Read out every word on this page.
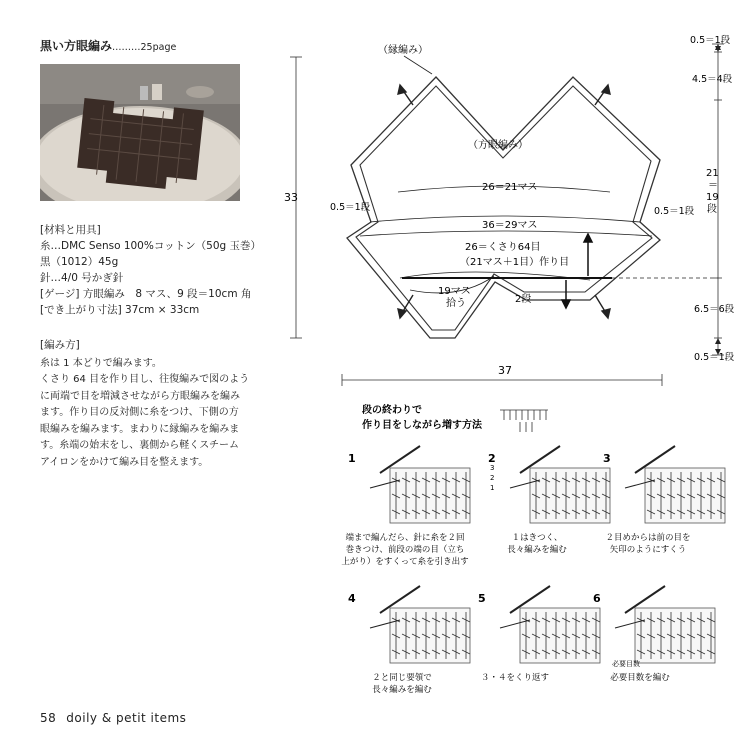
黒い方眼編み………25page
[材料と用具]
糸…DMC Senso 100%コットン（50g 玉巻）
黒（1012）45g
針…4/0 号かぎ針
[ゲージ] 方眼編み　8 マス、9 段＝10cm 角
[でき上がり寸法] 37cm × 33cm

[編み方]

糸は 1 本どりで編みます。

くさり 64 目を作り目し、往復編みで図のよう

に両端で目を増減させながら方眼編みを編み

ます。作り目の反対側に糸をつけ、下側の方

眼編みを編みます。まわりに縁編みを編みま

す。糸端の始末をし、裏側から軽くスチーム

アイロンをかけて編み目を整えます。

（縁編み）
（方眼編み）
26＝21マス
36＝29マス
26＝くさり64目
（21マス＋1目）作り目
19マス
拾う	2段
0.5＝1段	0.5＝1段
33
37
0.5＝1段
4.5＝4段
21
＝
19
段
6.5＝6段
0.5＝1段
段の終わりで
作り目をしながら増す方法
1
端まで編んだら、針に糸を２回
巻きつけ、前段の端の目（立ち
上がり）をすくって糸を引き出す
2
１はきつく、
長々編みを編む
3
２目めからは前の目を
矢印のようにすくう
4
２と同じ要領で
長々編みを編む
5
３・４をくり返す
6
必要目数を編む
必要目数
3
2
1
58 doily & petit items
